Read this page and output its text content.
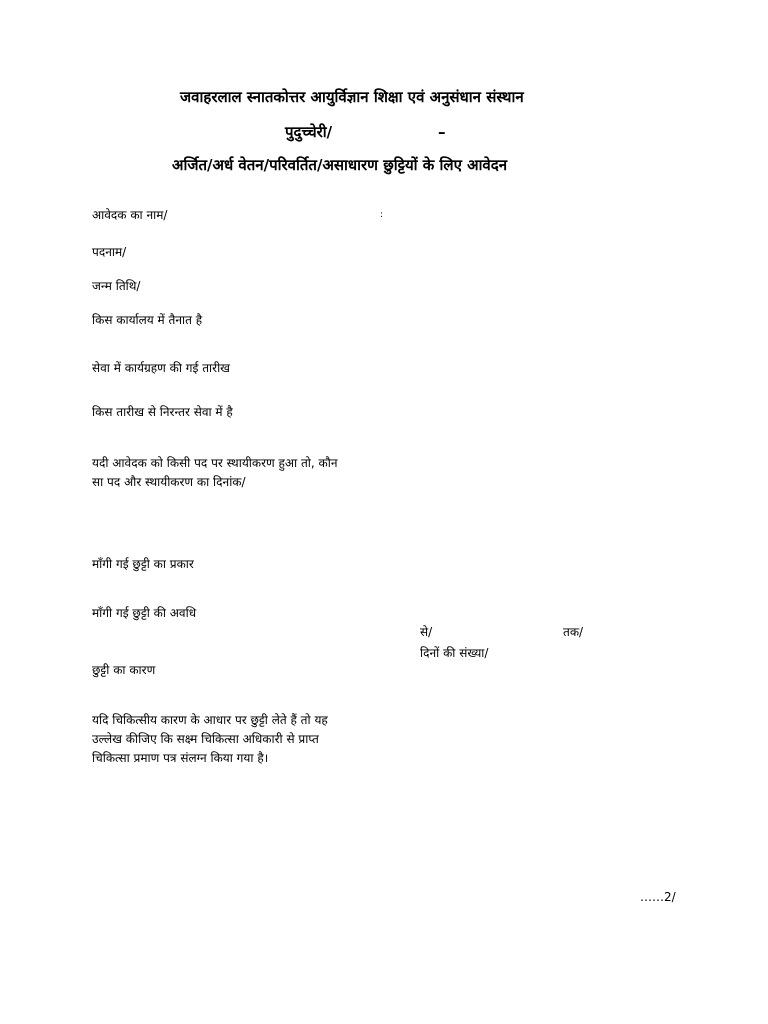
जवाहरलाल स्नातकोत्तर आयुर्विज्ञान शिक्षा एवं अनुसंधान संस्थान
पुदुच्चेरी/	–
अर्जित/अर्ध वेतन/परिवर्तित/असाधारण छुट्टियों के लिए आवेदन
आवेदक का नाम/	:
पदनाम/
जन्म तिथि/
किस कार्यालय में तैनात है
सेवा में कार्यग्रहण की गई तारीख
किस तारीख से निरन्तर सेवा में है
यदी आवेदक को किसी पद पर स्थायीकरण हुआ तो, कौन सा पद और स्थायीकरण का दिनांक/
माँगी गई छुट्टी का प्रकार
माँगी गई छुट्टी की अवधि
से/	तक/
दिनों की संख्या/
छुट्टी का कारण
यदि चिकित्सीय कारण के आधार पर छुट्टी लेते हैं तो यह उल्लेख कीजिए कि सक्ष्म चिकित्सा अधिकारी से प्राप्त चिकित्सा प्रमाण पत्र संलग्न किया गया है।
……2/
